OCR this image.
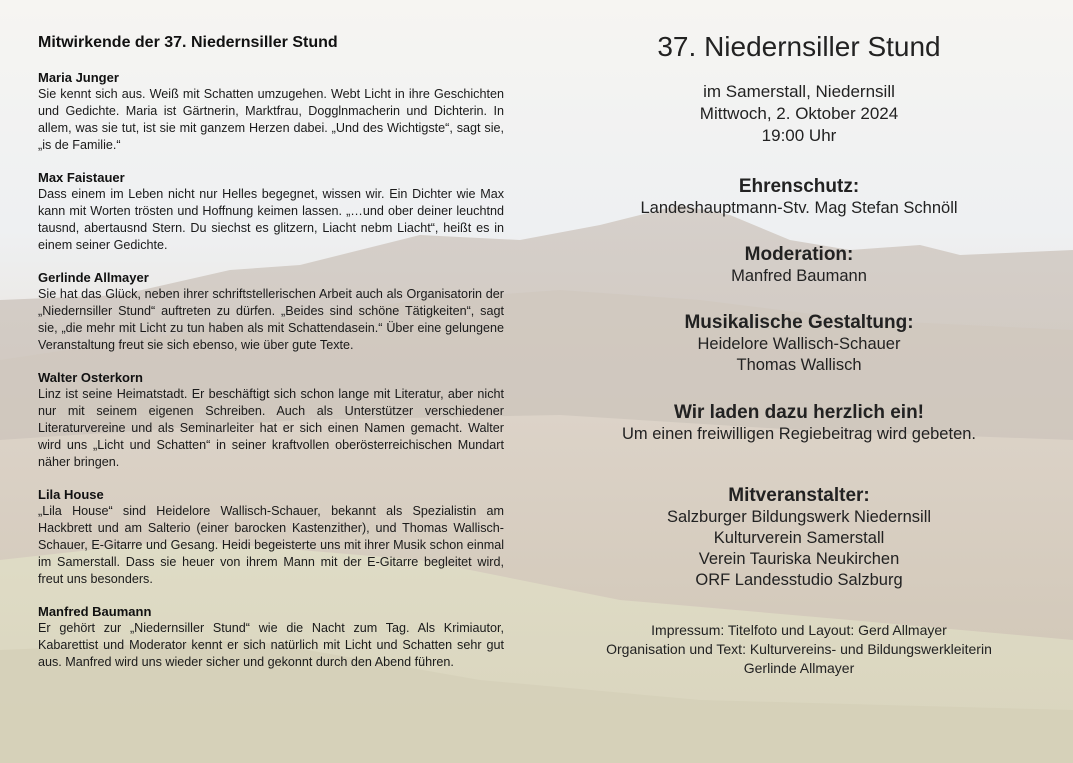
Mitwirkende der 37. Niedernsiller Stund
Maria Junger
Sie kennt sich aus. Weiß mit Schatten umzugehen. Webt Licht in ihre Geschichten und Gedichte. Maria ist Gärtnerin, Marktfrau, Dogglnmacherin und Dichterin. In allem, was sie tut, ist sie mit ganzem Herzen dabei. „Und des Wichtigste“, sagt sie, „is de Familie.“
Max Faistauer
Dass einem im Leben nicht nur Helles begegnet, wissen wir. Ein Dichter wie Max kann mit Worten trösten und Hoffnung keimen lassen. „…und ober deiner leuchtnd tausnd, abertausnd Stern. Du siechst es glitzern, Liacht nebm Liacht“, heißt es in einem seiner Gedichte.
Gerlinde Allmayer
Sie hat das Glück, neben ihrer schriftstellerischen Arbeit auch als Organisatorin der „Niedernsiller Stund“ auftreten zu dürfen. „Beides sind schöne Tätigkeiten“, sagt sie, „die mehr mit Licht zu tun haben als mit Schattendasein.“ Über eine gelungene Veranstaltung freut sie sich ebenso, wie über gute Texte.
Walter Osterkorn
Linz ist seine Heimatstadt. Er beschäftigt sich schon lange mit Literatur, aber nicht nur mit seinem eigenen Schreiben. Auch als Unterstützer verschiedener Literaturvereine und als Seminarleiter hat er sich einen Namen gemacht. Walter wird uns „Licht und Schatten“ in seiner kraftvollen oberösterreichischen Mundart näher bringen.
Lila House
„Lila House“ sind Heidelore Wallisch-Schauer, bekannt als Spezialistin am Hackbrett und am Salterio (einer barocken Kastenzither), und Thomas Wallisch-Schauer, E-Gitarre und Gesang. Heidi begeisterte uns mit ihrer Musik schon einmal im Samerstall. Dass sie heuer von ihrem Mann mit der E-Gitarre begleitet wird, freut uns besonders.
Manfred Baumann
Er gehört zur „Niedernsiller Stund“ wie die Nacht zum Tag. Als Krimiautor, Kabarettist und Moderator kennt er sich natürlich mit Licht und Schatten sehr gut aus. Manfred wird uns wieder sicher und gekonnt durch den Abend führen.
37. Niedernsiller Stund
im Samerstall, Niedernsill
Mittwoch, 2. Oktober 2024
19:00 Uhr
Ehrenschutz:
Landeshauptmann-Stv. Mag Stefan Schnöll
Moderation:
Manfred Baumann
Musikalische Gestaltung:
Heidelore Wallisch-Schauer
Thomas Wallisch
Wir laden dazu herzlich ein!
Um einen freiwilligen Regiebeitrag wird gebeten.
Mitveranstalter:
Salzburger Bildungswerk Niedernsill
Kulturverein Samerstall
Verein Tauriska Neukirchen
ORF Landesstudio Salzburg
Impressum: Titelfoto und Layout: Gerd Allmayer
Organisation und Text: Kulturvereins- und Bildungswerkleiterin
Gerlinde Allmayer
